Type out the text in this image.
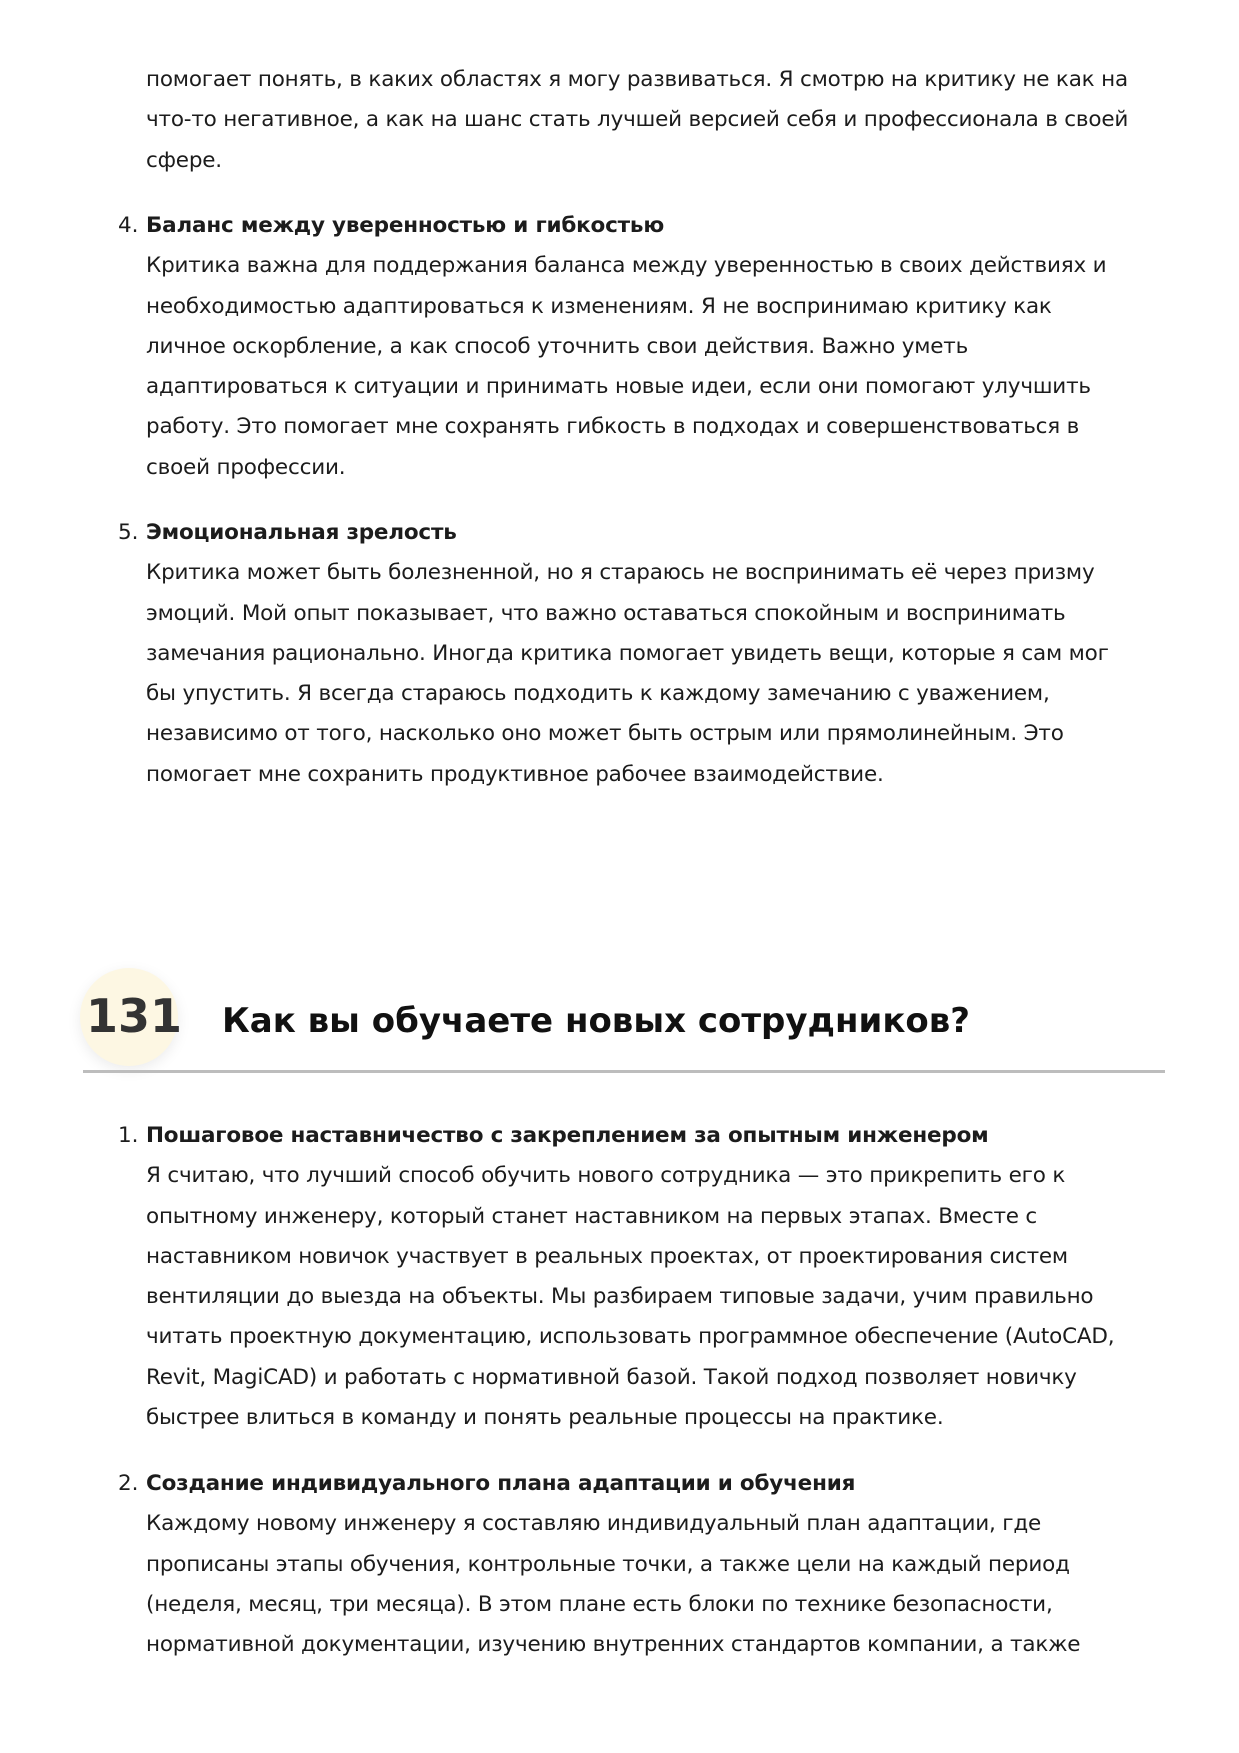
помогает понять, в каких областях я могу развиваться. Я смотрю на критику не как на
что-то негативное, а как на шанс стать лучшей версией себя и профессионала в своей
сфере.
4. Баланс между уверенностью и гибкостью
Критика важна для поддержания баланса между уверенностью в своих действиях и
необходимостью адаптироваться к изменениям. Я не воспринимаю критику как
личное оскорбление, а как способ уточнить свои действия. Важно уметь
адаптироваться к ситуации и принимать новые идеи, если они помогают улучшить
работу. Это помогает мне сохранять гибкость в подходах и совершенствоваться в
своей профессии.
5. Эмоциональная зрелость
Критика может быть болезненной, но я стараюсь не воспринимать её через призму
эмоций. Мой опыт показывает, что важно оставаться спокойным и воспринимать
замечания рационально. Иногда критика помогает увидеть вещи, которые я сам мог
бы упустить. Я всегда стараюсь подходить к каждому замечанию с уважением,
независимо от того, насколько оно может быть острым или прямолинейным. Это
помогает мне сохранить продуктивное рабочее взаимодействие.
131 Как вы обучаете новых сотрудников?
1. Пошаговое наставничество с закреплением за опытным инженером
Я считаю, что лучший способ обучить нового сотрудника — это прикрепить его к
опытному инженеру, который станет наставником на первых этапах. Вместе с
наставником новичок участвует в реальных проектах, от проектирования систем
вентиляции до выезда на объекты. Мы разбираем типовые задачи, учим правильно
читать проектную документацию, использовать программное обеспечение (AutoCAD,
Revit, MagiCAD) и работать с нормативной базой. Такой подход позволяет новичку
быстрее влиться в команду и понять реальные процессы на практике.
2. Создание индивидуального плана адаптации и обучения
Каждому новому инженеру я составляю индивидуальный план адаптации, где
прописаны этапы обучения, контрольные точки, а также цели на каждый период
(неделя, месяц, три месяца). В этом плане есть блоки по технике безопасности,
нормативной документации, изучению внутренних стандартов компании, а также
